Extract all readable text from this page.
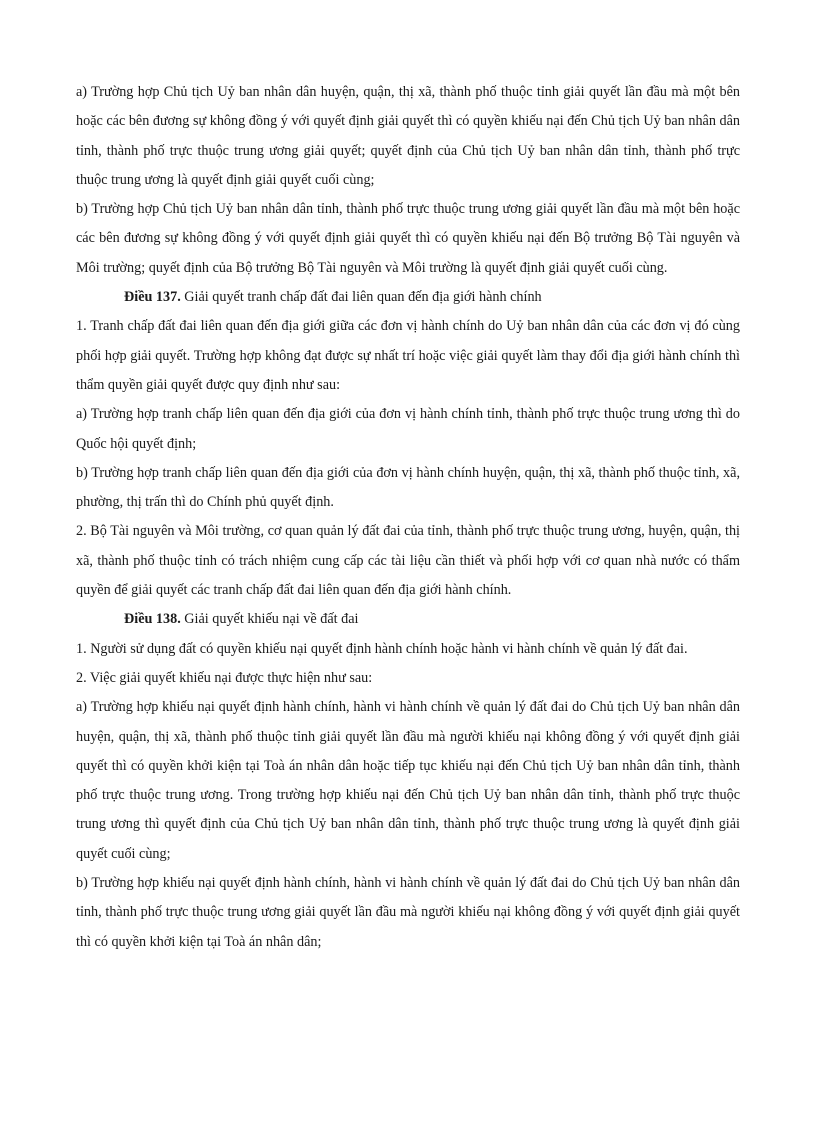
a) Trường hợp Chủ tịch Uỷ ban nhân dân huyện, quận, thị xã, thành phố thuộc tỉnh giải quyết lần đầu mà một bên hoặc các bên đương sự không đồng ý với quyết định giải quyết thì có quyền khiếu nại đến Chủ tịch Uỷ ban nhân dân tỉnh, thành phố trực thuộc trung ương giải quyết; quyết định của Chủ tịch Uỷ ban nhân dân tỉnh, thành phố trực thuộc trung ương là quyết định giải quyết cuối cùng;

b) Trường hợp Chủ tịch Uỷ ban nhân dân tỉnh, thành phố trực thuộc trung ương giải quyết lần đầu mà một bên hoặc các bên đương sự không đồng ý với quyết định giải quyết thì có quyền khiếu nại đến Bộ trưởng Bộ Tài nguyên và Môi trường; quyết định của Bộ trưởng Bộ Tài nguyên và Môi trường là quyết định giải quyết cuối cùng.

Điều 137. Giải quyết tranh chấp đất đai liên quan đến địa giới hành chính

1. Tranh chấp đất đai liên quan đến địa giới giữa các đơn vị hành chính do Uỷ ban nhân dân của các đơn vị đó cùng phối hợp giải quyết. Trường hợp không đạt được sự nhất trí hoặc việc giải quyết làm thay đổi địa giới hành chính thì thẩm quyền giải quyết được quy định như sau:

a) Trường hợp tranh chấp liên quan đến địa giới của đơn vị hành chính tỉnh, thành phố trực thuộc trung ương thì do Quốc hội quyết định;

b) Trường hợp tranh chấp liên quan đến địa giới của đơn vị hành chính huyện, quận, thị xã, thành phố thuộc tỉnh, xã, phường, thị trấn thì do Chính phủ quyết định.

2. Bộ Tài nguyên và Môi trường, cơ quan quản lý đất đai của tỉnh, thành phố trực thuộc trung ương, huyện, quận, thị xã, thành phố thuộc tỉnh có trách nhiệm cung cấp các tài liệu cần thiết và phối hợp với cơ quan nhà nước có thẩm quyền để giải quyết các tranh chấp đất đai liên quan đến địa giới hành chính.

Điều 138. Giải quyết khiếu nại về đất đai

1. Người sử dụng đất có quyền khiếu nại quyết định hành chính hoặc hành vi hành chính về quản lý đất đai.

2. Việc giải quyết khiếu nại được thực hiện như sau:

a) Trường hợp khiếu nại quyết định hành chính, hành vi hành chính về quản lý đất đai do Chủ tịch Uỷ ban nhân dân huyện, quận, thị xã, thành phố thuộc tỉnh giải quyết lần đầu mà người khiếu nại không đồng ý với quyết định giải quyết thì có quyền khởi kiện tại Toà án nhân dân hoặc tiếp tục khiếu nại đến Chủ tịch Uỷ ban nhân dân tỉnh, thành phố trực thuộc trung ương. Trong trường hợp khiếu nại đến Chủ tịch Uỷ ban nhân dân tỉnh, thành phố trực thuộc trung ương thì quyết định của Chủ tịch Uỷ ban nhân dân tỉnh, thành phố trực thuộc trung ương là quyết định giải quyết cuối cùng;

b) Trường hợp khiếu nại quyết định hành chính, hành vi hành chính về quản lý đất đai do Chủ tịch Uỷ ban nhân dân tỉnh, thành phố trực thuộc trung ương giải quyết lần đầu mà người khiếu nại không đồng ý với quyết định giải quyết thì có quyền khởi kiện tại Toà án nhân dân;
